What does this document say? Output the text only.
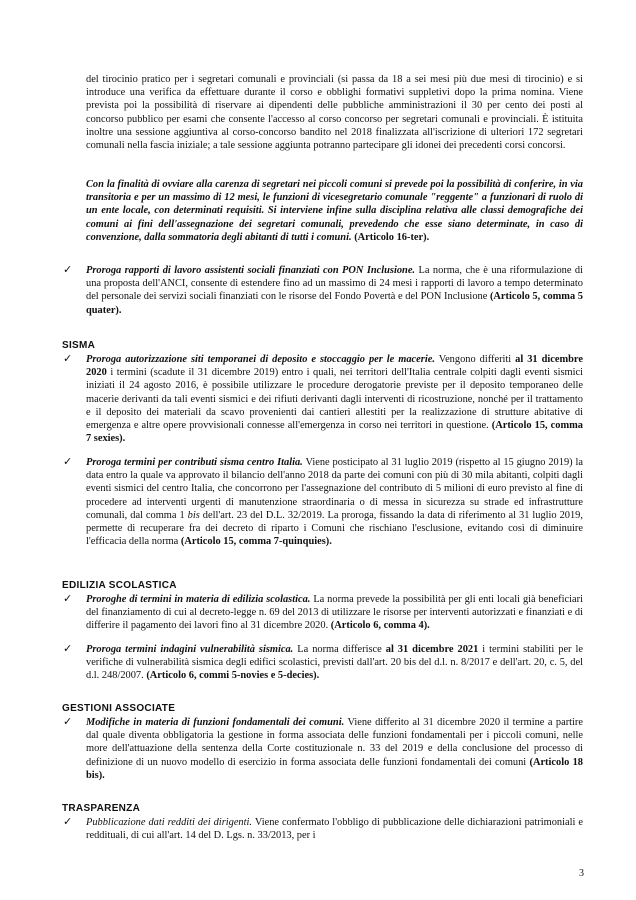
del tirocinio pratico per i segretari comunali e provinciali (si passa da 18 a sei mesi più due mesi di tirocinio) e si introduce una verifica da effettuare durante il corso e obblighi formativi suppletivi dopo la prima nomina. Viene prevista poi la possibilità di riservare ai dipendenti delle pubbliche amministrazioni il 30 per cento dei posti al concorso pubblico per esami che consente l'accesso al corso concorso per segretari comunali e provinciali. È istituita inoltre una sessione aggiuntiva al corso-concorso bandito nel 2018 finalizzata all'iscrizione di ulteriori 172 segretari comunali nella fascia iniziale; a tale sessione aggiunta potranno partecipare gli idonei dei precedenti corsi concorsi.
Con la finalità di ovviare alla carenza di segretari nei piccoli comuni si prevede poi la possibilità di conferire, in via transitoria e per un massimo di 12 mesi, le funzioni di vicesegretario comunale "reggente" a funzionari di ruolo di un ente locale, con determinati requisiti. Si interviene infine sulla disciplina relativa alle classi demografiche dei comuni ai fini dell'assegnazione dei segretari comunali, prevedendo che esse siano determinate, in caso di convenzione, dalla sommatoria degli abitanti di tutti i comuni. (Articolo 16-ter).
✓ Proroga rapporti di lavoro assistenti sociali finanziati con PON Inclusione. La norma, che è una riformulazione di una proposta dell'ANCI, consente di estendere fino ad un massimo di 24 mesi i rapporti di lavoro a tempo determinato del personale dei servizi sociali finanziati con le risorse del Fondo Povertà e del PON Inclusione (Articolo 5, comma 5 quater).
SISMA
✓ Proroga autorizzazione siti temporanei di deposito e stoccaggio per le macerie. Vengono differiti al 31 dicembre 2020 i termini (scadute il 31 dicembre 2019) entro i quali, nei territori dell'Italia centrale colpiti dagli eventi sismici iniziati il 24 agosto 2016, è possibile utilizzare le procedure derogatorie previste per il deposito temporaneo delle macerie derivanti da tali eventi sismici e dei rifiuti derivanti dagli interventi di ricostruzione, nonché per il trattamento e il deposito dei materiali da scavo provenienti dai cantieri allestiti per la realizzazione di strutture abitative di emergenza e altre opere provvisionali connesse all'emergenza in corso nei territori in questione. (Articolo 15, comma 7 sexies).
✓ Proroga termini per contributi sisma centro Italia. Viene posticipato al 31 luglio 2019 (rispetto al 15 giugno 2019) la data entro la quale va approvato il bilancio dell'anno 2018 da parte dei comuni con più di 30 mila abitanti, colpiti dagli eventi sismici del centro Italia, che concorrono per l'assegnazione del contributo di 5 milioni di euro previsto al fine di procedere ad interventi urgenti di manutenzione straordinaria o di messa in sicurezza su strade ed infrastrutture comunali, dal comma 1 bis dell'art. 23 del D.L. 32/2019. La proroga, fissando la data di riferimento al 31 luglio 2019, permette di recuperare fra dei decreto di riparto i Comuni che rischiano l'esclusione, evitando così di diminuire l'efficacia della norma (Articolo 15, comma 7-quinquies).
EDILIZIA SCOLASTICA
✓ Proroghe di termini in materia di edilizia scolastica. La norma prevede la possibilità per gli enti locali già beneficiari del finanziamento di cui al decreto-legge n. 69 del 2013 di utilizzare le risorse per interventi autorizzati e finanziati e di differire il pagamento dei lavori fino al 31 dicembre 2020. (Articolo 6, comma 4).
✓ Proroga termini indagini vulnerabilità sismica. La norma differisce al 31 dicembre 2021 i termini stabiliti per le verifiche di vulnerabilità sismica degli edifici scolastici, previsti dall'art. 20 bis del d.l. n. 8/2017 e dell'art. 20, c. 5, del d.l. 248/2007. (Articolo 6, commi 5-novies e 5-decies).
GESTIONI ASSOCIATE
✓ Modifiche in materia di funzioni fondamentali dei comuni. Viene differito al 31 dicembre 2020 il termine a partire dal quale diventa obbligatoria la gestione in forma associata delle funzioni fondamentali per i piccoli comuni, nelle more dell'attuazione della sentenza della Corte costituzionale n. 33 del 2019 e della conclusione del processo di definizione di un nuovo modello di esercizio in forma associata delle funzioni fondamentali dei comuni (Articolo 18 bis).
TRASPARENZA
✓ Pubblicazione dati redditi dei dirigenti. Viene confermato l'obbligo di pubblicazione delle dichiarazioni patrimoniali e reddituali, di cui all'art. 14 del D. Lgs. n. 33/2013, per i
3
